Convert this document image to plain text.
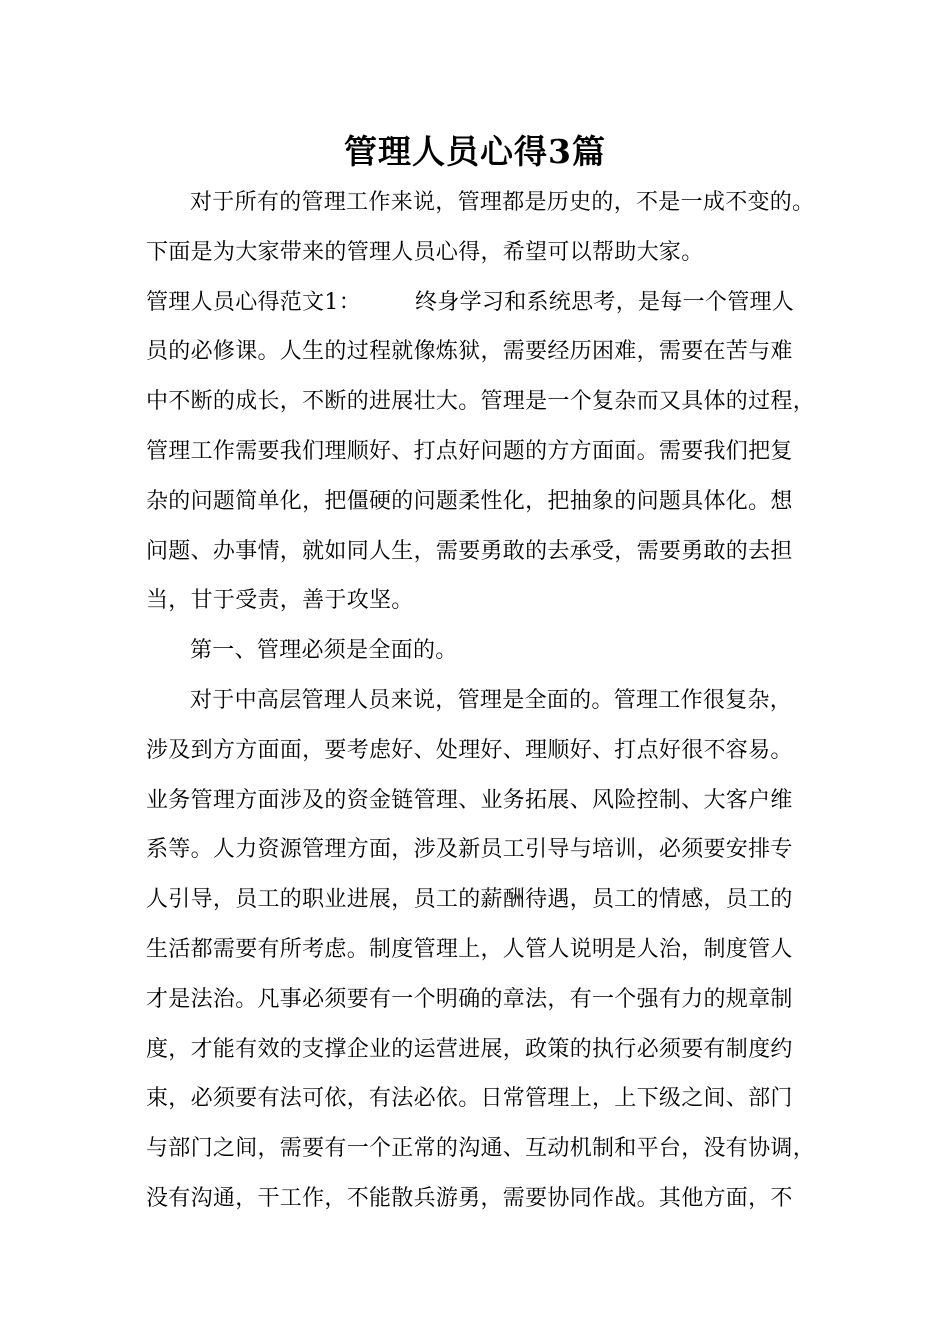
管理人员心得3篇
对于所有的管理工作来说，管理都是历史的，不是一成不变的。
下面是为大家带来的管理人员心得，希望可以帮助大家。
管理人员心得范文1： 终身学习和系统思考，是每一个管理人
员的必修课。人生的过程就像炼狱，需要经历困难，需要在苦与难
中不断的成长，不断的进展壮大。管理是一个复杂而又具体的过程，
管理工作需要我们理顺好、打点好问题的方方面面。需要我们把复
杂的问题简单化，把僵硬的问题柔性化，把抽象的问题具体化。想
问题、办事情，就如同人生，需要勇敢的去承受，需要勇敢的去担
当，甘于受责，善于攻坚。
第一、管理必须是全面的。
对于中高层管理人员来说，管理是全面的。管理工作很复杂，
涉及到方方面面，要考虑好、处理好、理顺好、打点好很不容易。
业务管理方面涉及的资金链管理、业务拓展、风险控制、大客户维
系等。人力资源管理方面，涉及新员工引导与培训，必须要安排专
人引导，员工的职业进展，员工的薪酬待遇，员工的情感，员工的
生活都需要有所考虑。制度管理上，人管人说明是人治，制度管人
才是法治。凡事必须要有一个明确的章法，有一个强有力的规章制
度，才能有效的支撑企业的运营进展，政策的执行必须要有制度约
束，必须要有法可依，有法必依。日常管理上，上下级之间、部门
与部门之间，需要有一个正常的沟通、互动机制和平台，没有协调，
没有沟通，干工作，不能散兵游勇，需要协同作战。其他方面，不
